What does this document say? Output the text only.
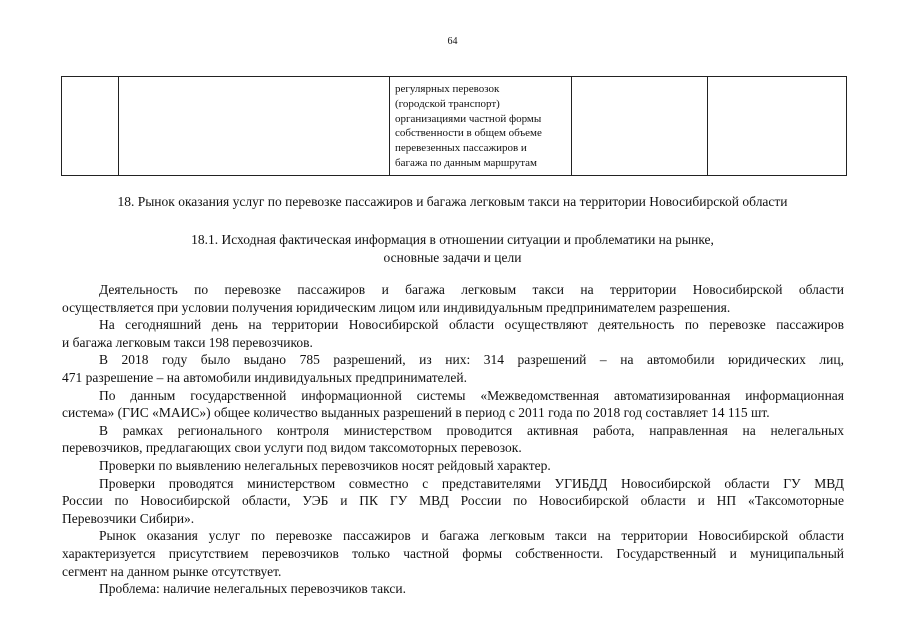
64

регулярных перевозок
(городской транспорт)
организациями частной формы
собственности в общем объеме
перевезенных пассажиров и
багажа по данным маршрутам

18. Рынок оказания услуг по перевозке пассажиров и багажа легковым такси на территории Новосибирской области
18.1. Исходная фактическая информация в отношении ситуации и проблематики на рынке,
основные задачи и цели
Деятельность по перевозке пассажиров и багажа легковым такси на территории Новосибирской области
осуществляется при условии получения юридическим лицом или индивидуальным предпринимателем разрешения.
На сегодняшний день на территории Новосибирской области осуществляют деятельность по перевозке пассажиров
и багажа легковым такси 198 перевозчиков.
В 2018 году было выдано 785 разрешений, из них: 314 разрешений – на автомобили юридических лиц,
471 разрешение – на автомобили индивидуальных предпринимателей.
По данным государственной информационной системы «Межведомственная автоматизированная информационная
система» (ГИС «МАИС») общее количество выданных разрешений в период с 2011 года по 2018 год составляет 14 115 шт.
В рамках регионального контроля министерством проводится активная работа, направленная на нелегальных
перевозчиков, предлагающих свои услуги под видом таксомоторных перевозок.
Проверки по выявлению нелегальных перевозчиков носят рейдовый характер.
Проверки проводятся министерством совместно с представителями УГИБДД Новосибирской области ГУ МВД
России по Новосибирской области, УЭБ и ПК ГУ МВД России по Новосибирской области и НП «Таксомоторные
Перевозчики Сибири».
Рынок оказания услуг по перевозке пассажиров и багажа легковым такси на территории Новосибирской области
характеризуется присутствием перевозчиков только частной формы собственности. Государственный и муниципальный
сегмент на данном рынке отсутствует.
Проблема: наличие нелегальных перевозчиков такси.
